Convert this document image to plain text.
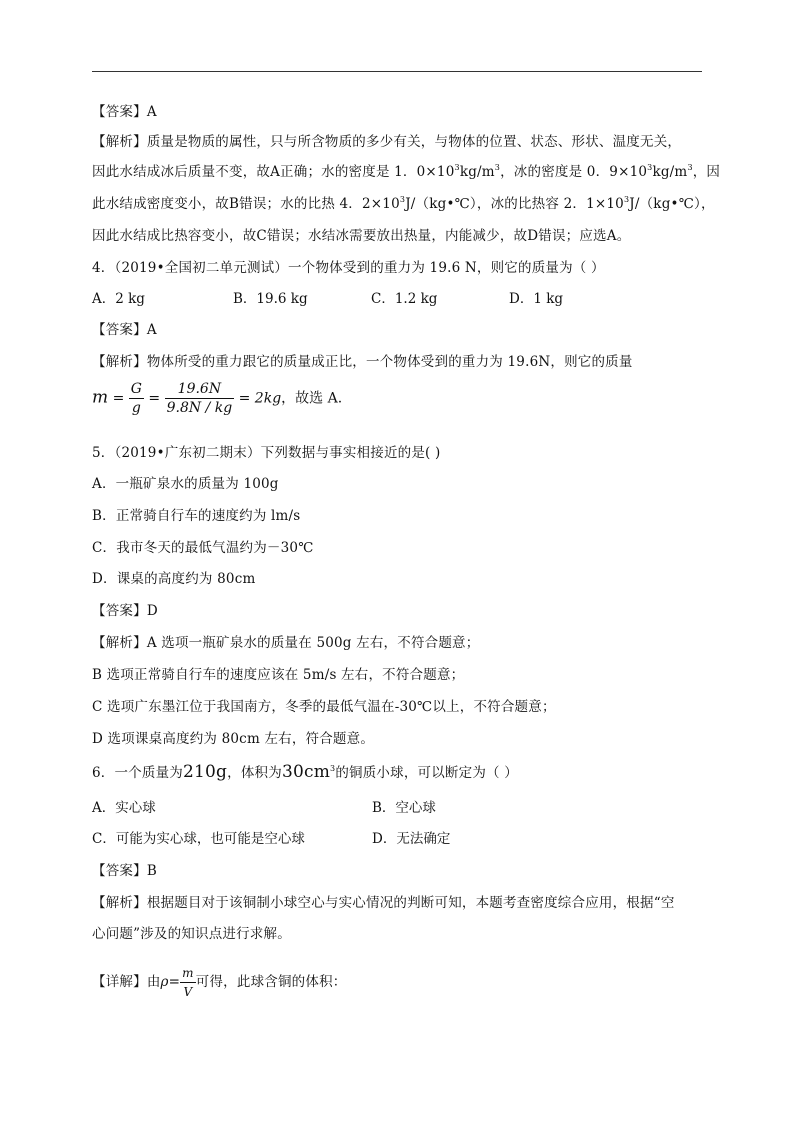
【答案】A
【解析】质量是物质的属性，只与所含物质的多少有关，与物体的位置、状态、形状、温度无关，
因此水结成冰后质量不变，故A正确；水的密度是 1．$0\times 10^3kg/m^3$，冰的密度是 0．$9\times 10^3kg/m^3$，因
此水结成密度变小，故B错误；水的比热 4．$2\times 10^3J/(kg•℃)$，冰的比热容 2．$1\times 10^3J/(kg•℃)$，
因此水结成比热容变小，故C错误；水结冰需要放出热量，内能减少，故D错误；应选A。
4．（2019•全国初二单元测试）一个物体受到的重力为 19.6 N，则它的质量为（ ）
A．2 kg	B．19.6 kg	C．1.2 kg	D．1 kg
【答案】A
【解析】物体所受的重力跟它的质量成正比，一个物体受到的重力为 19.6N，则它的质量
$m = \frac{G}{g} = \frac{19.6N}{9.8N / kg} = 2kg$，故选 A.
5．（2019•广东初二期末）下列数据与事实相接近的是( )
A．一瓶矿泉水的质量为 100g
B．正常骑自行车的速度约为 lm/s
C．我市冬天的最低气温约为－30℃
D．课桌的高度约为 80cm
【答案】D
【解析】A 选项一瓶矿泉水的质量在 500g 左右，不符合题意；
B 选项正常骑自行车的速度应该在 5m/s 左右，不符合题意；
C 选项广东墨江位于我国南方，冬季的最低气温在-30℃以上，不符合题意；
D 选项课桌高度约为 80cm 左右，符合题意。
6．一个质量为210g，体积为$30cm^3$的铜质小球，可以断定为（ ）
A．实心球	B．空心球
C．可能为实心球，也可能是空心球	D．无法确定
【答案】B
【解析】根据题目对于该铜制小球空心与实心情况的判断可知，本题考查密度综合应用，根据“空
心问题”涉及的知识点进行求解。
【详解】由$\rho= \frac{m}{V}$ 可得，此球含铜的体积：
